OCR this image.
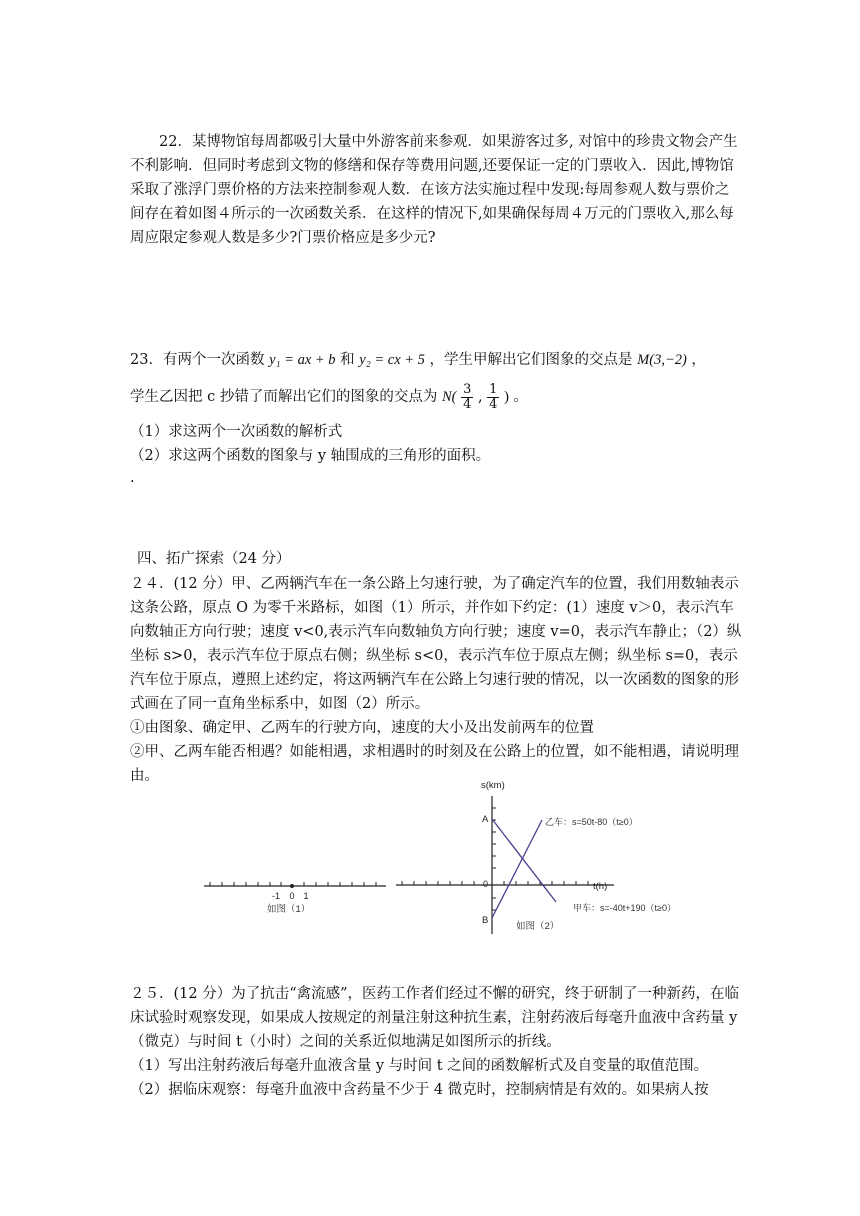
22．某博物馆每周都吸引大量中外游客前来参观．如果游客过多, 对馆中的珍贵文物会产生不利影响．但同时考虑到文物的修缮和保存等费用问题,还要保证一定的门票收入．因此,博物馆采取了涨浮门票价格的方法来控制参观人数．在该方法实施过程中发现:每周参观人数与票价之间存在着如图４所示的一次函数关系．在这样的情况下,如果确保每周４万元的门票收入,那么每周应限定参观人数是多少?门票价格应是多少元?

23．有两个一次函数 y₁ = ax + b 和 y₂ = cx + 5 ，学生甲解出它们图象的交点是 M(3,−2) ，
学生乙因把 c 抄错了而解出它们的图象的交点为 $N( \frac{3}{4}$ , $\frac{1}{4}$ ) 。

（1）求这两个一次函数的解析式

（2）求这两个函数的图象与 y 轴围成的三角形的面积。

.

四、拓广探索（24 分）

２４．(12 分）甲、乙两辆汽车在一条公路上匀速行驶，为了确定汽车的位置，我们用数轴表示这条公路，原点 O 为零千米路标，如图（1）所示，并作如下约定：(1）速度 v＞0，表示汽车向数轴正方向行驶；速度 v<0,表示汽车向数轴负方向行驶；速度 v=0，表示汽车静止；（2）纵坐标 s>0，表示汽车位于原点右侧；纵坐标 s<0，表示汽车位于原点左侧；纵坐标 s=0，表示汽车位于原点，遵照上述约定，将这两辆汽车在公路上匀速行驶的情况，以一次函数的图象的形式画在了同一直角坐标系中，如图（2）所示。

①由图象、确定甲、乙两车的行驶方向，速度的大小及出发前两车的位置

②甲、乙两车能否相遇？如能相遇，求相遇时的时刻及在公路上的位置，如不能相遇，请说明理由。

-1 0 1
如图（1）
s(km)
t(h)
0
A
B
乙车：s=50t-80（t≥0）
甲车：s=-40t+190（t≥0）
如图（2）

２５．(12 分）为了抗击“禽流感”，医药工作者们经过不懈的研究，终于研制了一种新药，在临床试验时观察发现，如果成人按规定的剂量注射这种抗生素，注射药液后每毫升血液中含药量 y（微克）与时间 t（小时）之间的关系近似地满足如图所示的折线。

（1）写出注射药液后每毫升血液含量 y 与时间 t 之间的函数解析式及自变量的取值范围。

（2）据临床观察：每毫升血液中含药量不少于 4 微克时，控制病情是有效的。如果病人按
